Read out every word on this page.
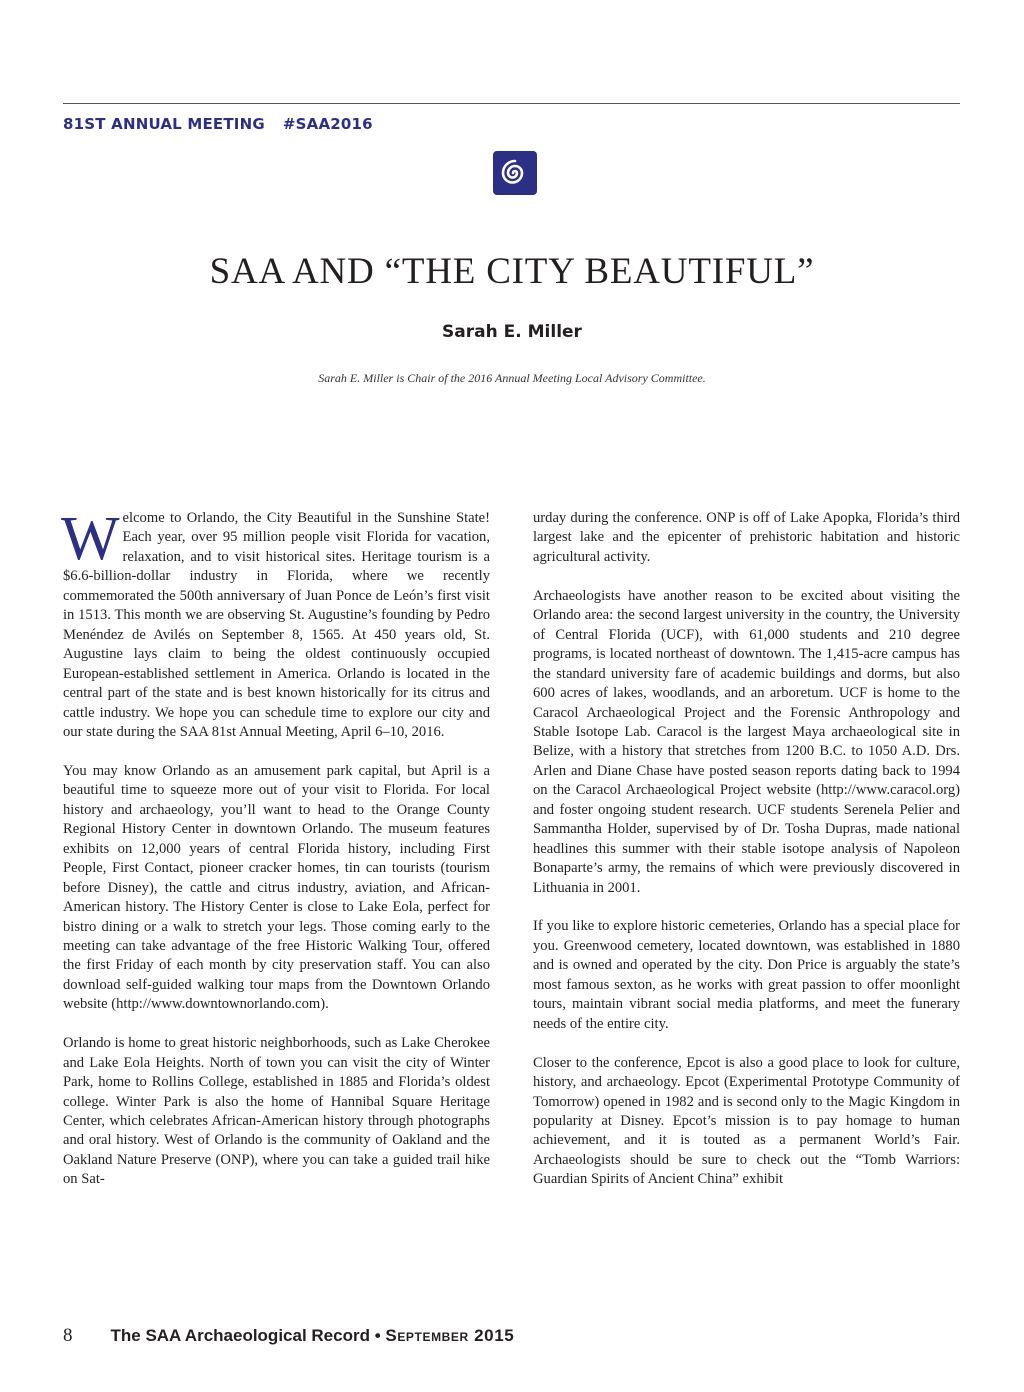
81ST ANNUAL MEETING #SAA2016
SAA AND “THE CITY BEAUTIFUL”
Sarah E. Miller
Sarah E. Miller is Chair of the 2016 Annual Meeting Local Advisory Committee.

Welcome to Orlando, the City Beautiful in the Sunshine State! Each year, over 95 million people visit Florida for vacation, relaxation, and to visit historical sites. Heritage tourism is a $6.6-billion-dollar industry in Florida, where we recently commemorated the 500th anniversary of Juan Ponce de León’s first visit in 1513. This month we are observing St. Augustine’s founding by Pedro Menéndez de Avilés on September 8, 1565. At 450 years old, St. Augustine lays claim to being the oldest continuously occupied European-established settlement in America. Orlando is located in the central part of the state and is best known historically for its citrus and cattle industry. We hope you can schedule time to explore our city and our state during the SAA 81st Annual Meeting, April 6–10, 2016.

You may know Orlando as an amusement park capital, but April is a beautiful time to squeeze more out of your visit to Florida. For local history and archaeology, you’ll want to head to the Orange County Regional History Center in downtown Orlando. The museum features exhibits on 12,000 years of central Florida history, including First People, First Contact, pioneer cracker homes, tin can tourists (tourism before Disney), the cattle and citrus industry, aviation, and African-American history. The History Center is close to Lake Eola, perfect for bistro dining or a walk to stretch your legs. Those coming early to the meeting can take advantage of the free Historic Walking Tour, offered the first Friday of each month by city preservation staff. You can also download self-guided walking tour maps from the Downtown Orlando website (http://www.downtownorlando.com).

Orlando is home to great historic neighborhoods, such as Lake Cherokee and Lake Eola Heights. North of town you can visit the city of Winter Park, home to Rollins College, established in 1885 and Florida’s oldest college. Winter Park is also the home of Hannibal Square Heritage Center, which celebrates African-American history through photographs and oral history. West of Orlando is the community of Oakland and the Oakland Nature Preserve (ONP), where you can take a guided trail hike on Sat-

urday during the conference. ONP is off of Lake Apopka, Florida’s third largest lake and the epicenter of prehistoric habitation and historic agricultural activity.

Archaeologists have another reason to be excited about visiting the Orlando area: the second largest university in the country, the University of Central Florida (UCF), with 61,000 students and 210 degree programs, is located northeast of downtown. The 1,415-acre campus has the standard university fare of academic buildings and dorms, but also 600 acres of lakes, woodlands, and an arboretum. UCF is home to the Caracol Archaeological Project and the Forensic Anthropology and Stable Isotope Lab. Caracol is the largest Maya archaeological site in Belize, with a history that stretches from 1200 B.C. to 1050 A.D. Drs. Arlen and Diane Chase have posted season reports dating back to 1994 on the Caracol Archaeological Project website (http://www.caracol.org) and foster ongoing student research. UCF students Serenela Pelier and Sammantha Holder, supervised by of Dr. Tosha Dupras, made national headlines this summer with their stable isotope analysis of Napoleon Bonaparte’s army, the remains of which were previously discovered in Lithuania in 2001.

If you like to explore historic cemeteries, Orlando has a special place for you. Greenwood cemetery, located downtown, was established in 1880 and is owned and operated by the city. Don Price is arguably the state’s most famous sexton, as he works with great passion to offer moonlight tours, maintain vibrant social media platforms, and meet the funerary needs of the entire city.

Closer to the conference, Epcot is also a good place to look for culture, history, and archaeology. Epcot (Experimental Prototype Community of Tomorrow) opened in 1982 and is second only to the Magic Kingdom in popularity at Disney. Epcot’s mission is to pay homage to human achievement, and it is touted as a permanent World’s Fair. Archaeologists should be sure to check out the “Tomb Warriors: Guardian Spirits of Ancient China” exhibit

8 The SAA Archaeological Record • September 2015
